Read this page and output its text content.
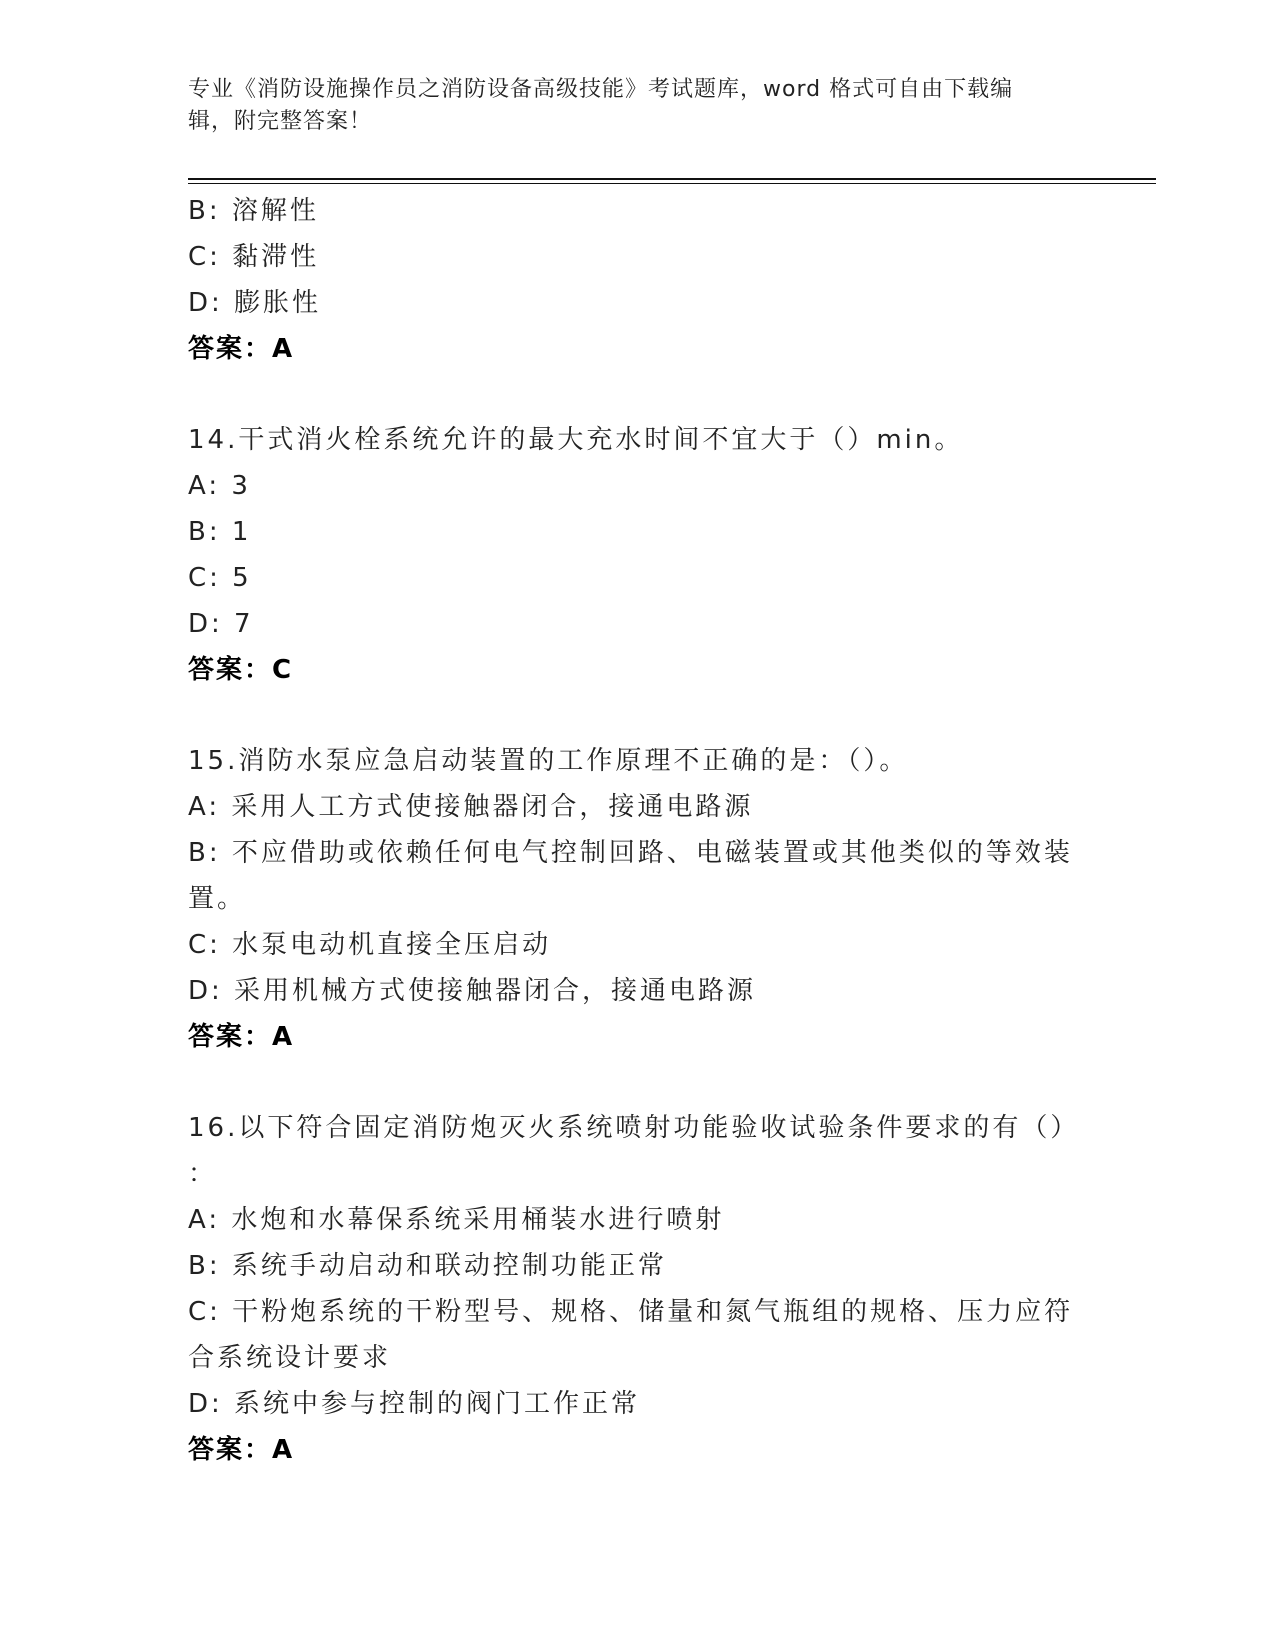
专业《消防设施操作员之消防设备高级技能》考试题库，word 格式可自由下载编
辑，附完整答案！
B: 溶解性
C: 黏滞性
D: 膨胀性
答案：A
14.干式消火栓系统允许的最大充水时间不宜大于（）min。
A: 3
B: 1
C: 5
D: 7
答案：C
15.消防水泵应急启动装置的工作原理不正确的是：（）。
A: 采用人工方式使接触器闭合，接通电路源
B: 不应借助或依赖任何电气控制回路、电磁装置或其他类似的等效装
置。
C: 水泵电动机直接全压启动
D: 采用机械方式使接触器闭合，接通电路源
答案：A
16.以下符合固定消防炮灭火系统喷射功能验收试验条件要求的有（）
：
A: 水炮和水幕保系统采用桶装水进行喷射
B: 系统手动启动和联动控制功能正常
C: 干粉炮系统的干粉型号、规格、储量和氮气瓶组的规格、压力应符
合系统设计要求
D: 系统中参与控制的阀门工作正常
答案：A
